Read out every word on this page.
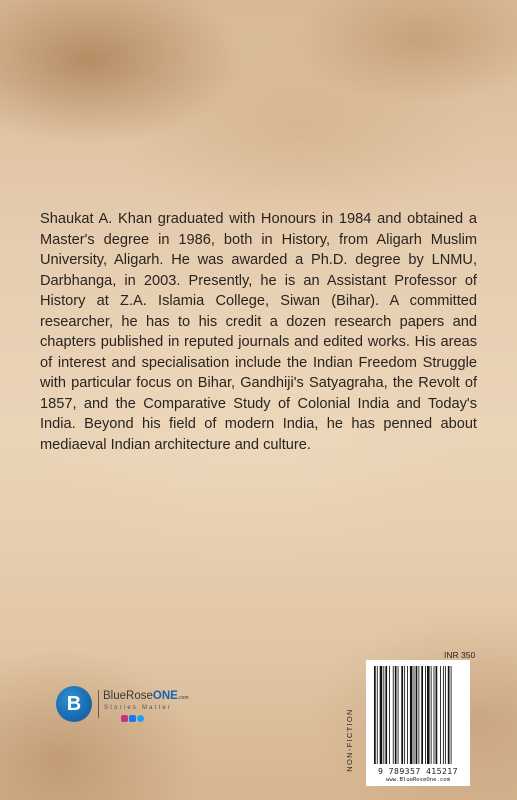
Shaukat A. Khan graduated with Honours in 1984 and obtained a Master's degree in 1986, both in History, from Aligarh Muslim University, Aligarh. He was awarded a Ph.D. degree by LNMU, Darbhanga, in 2003. Presently, he is an Assistant Professor of History at Z.A. Islamia College, Siwan (Bihar). A committed researcher, he has to his credit a dozen research papers and chapters published in reputed journals and edited works. His areas of interest and specialisation include the Indian Freedom Struggle with particular focus on Bihar, Gandhiji's Satyagraha, the Revolt of 1857, and the Comparative Study of Colonial India and Today's India. Beyond his field of modern India, he has penned about mediaeval Indian architecture and culture.

B BlueRoseONE.com
Stories Matter
INR 350
NON-FICTION	9 789357 415217
www.BlueRoseOne.com
